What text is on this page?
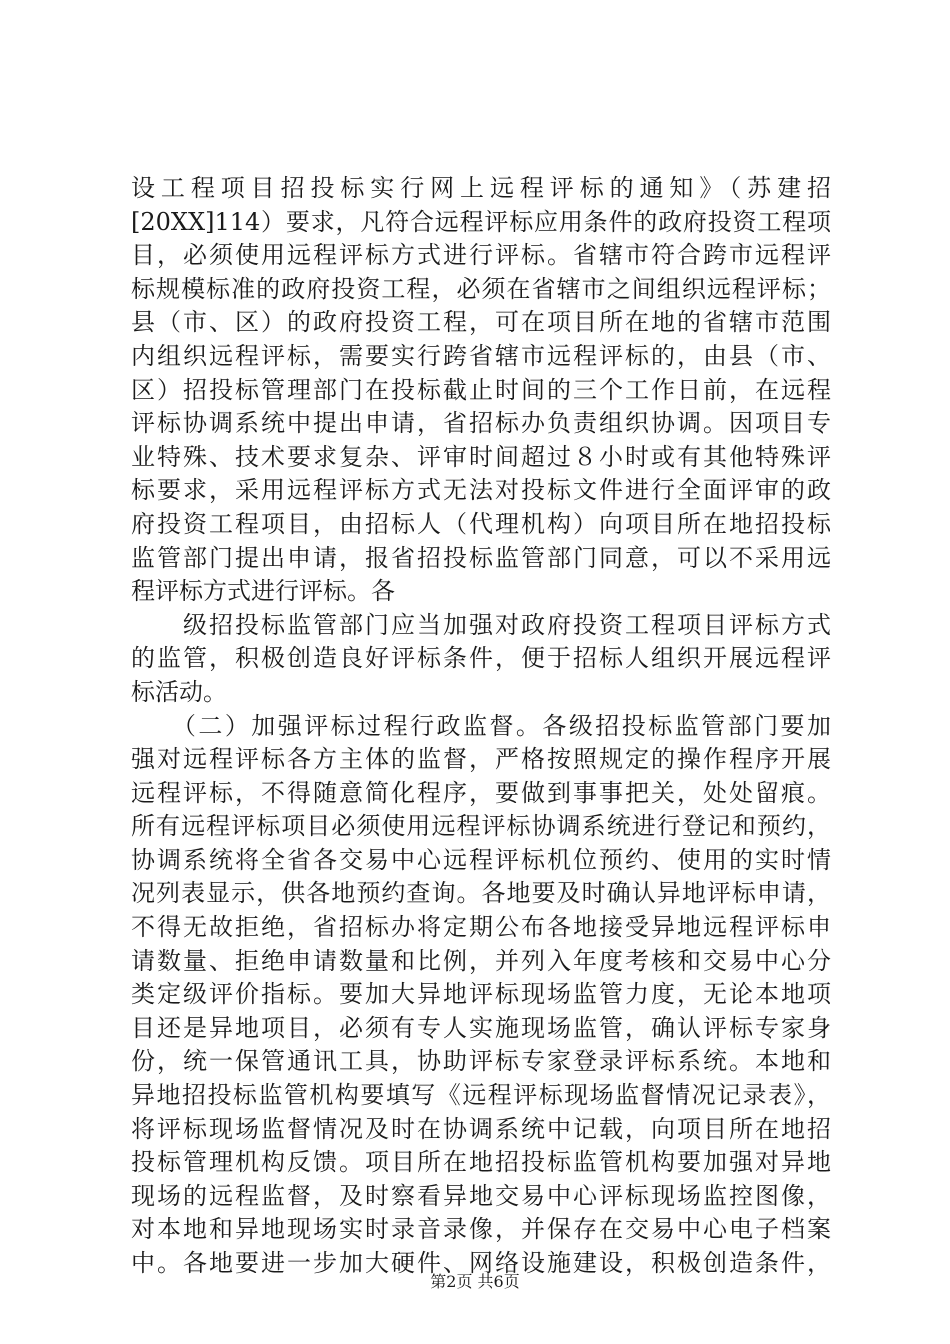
设工程项目招投标实行网上远程评标的通知》（苏建招
[20XX]114）要求，凡符合远程评标应用条件的政府投资工程项
目，必须使用远程评标方式进行评标。省辖市符合跨市远程评
标规模标准的政府投资工程，必须在省辖市之间组织远程评标；
县（市、区）的政府投资工程，可在项目所在地的省辖市范围
内组织远程评标，需要实行跨省辖市远程评标的，由县（市、
区）招投标管理部门在投标截止时间的三个工作日前，在远程
评标协调系统中提出申请，省招标办负责组织协调。因项目专
业特殊、技术要求复杂、评审时间超过８小时或有其他特殊评
标要求，采用远程评标方式无法对投标文件进行全面评审的政
府投资工程项目，由招标人（代理机构）向项目所在地招投标
监管部门提出申请，报省招投标监管部门同意，可以不采用远
程评标方式进行评标。各
　　级招投标监管部门应当加强对政府投资工程项目评标方式
的监管，积极创造良好评标条件，便于招标人组织开展远程评
标活动。
　　（二）加强评标过程行政监督。各级招投标监管部门要加
强对远程评标各方主体的监督，严格按照规定的操作程序开展
远程评标，不得随意简化程序，要做到事事把关，处处留痕。
所有远程评标项目必须使用远程评标协调系统进行登记和预约，
协调系统将全省各交易中心远程评标机位预约、使用的实时情
况列表显示，供各地预约查询。各地要及时确认异地评标申请，
不得无故拒绝，省招标办将定期公布各地接受异地远程评标申
请数量、拒绝申请数量和比例，并列入年度考核和交易中心分
类定级评价指标。要加大异地评标现场监管力度，无论本地项
目还是异地项目，必须有专人实施现场监管，确认评标专家身
份，统一保管通讯工具，协助评标专家登录评标系统。本地和
异地招投标监管机构要填写《远程评标现场监督情况记录表》，
将评标现场监督情况及时在协调系统中记载，向项目所在地招
投标管理机构反馈。项目所在地招投标监管机构要加强对异地
现场的远程监督，及时察看异地交易中心评标现场监控图像，
对本地和异地现场实时录音录像，并保存在交易中心电子档案
中。各地要进一步加大硬件、网络设施建设，积极创造条件，
第2页 共6页
